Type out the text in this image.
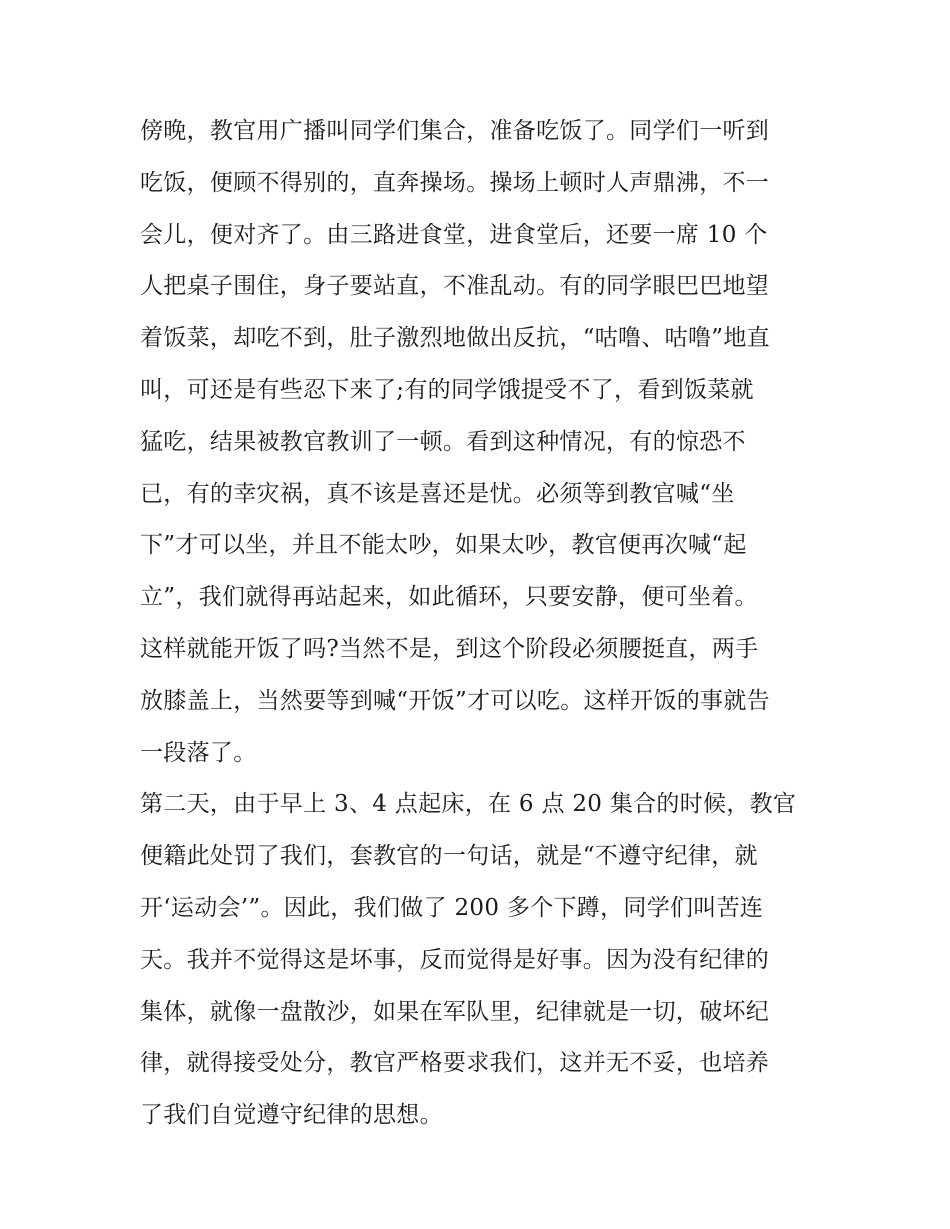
傍晚，教官用广播叫同学们集合，准备吃饭了。同学们一听到
吃饭，便顾不得别的，直奔操场。操场上顿时人声鼎沸，不一
会儿，便对齐了。由三路进食堂，进食堂后，还要一席 10 个
人把桌子围住，身子要站直，不准乱动。有的同学眼巴巴地望
着饭菜，却吃不到，肚子激烈地做出反抗，“咕噜、咕噜”地直
叫，可还是有些忍下来了;有的同学饿提受不了，看到饭菜就
猛吃，结果被教官教训了一顿。看到这种情况，有的惊恐不
已，有的幸灾祸，真不该是喜还是忧。必须等到教官喊“坐
下”才可以坐，并且不能太吵，如果太吵，教官便再次喊“起
立”，我们就得再站起来，如此循环，只要安静，便可坐着。
这样就能开饭了吗?当然不是，到这个阶段必须腰挺直，两手
放膝盖上，当然要等到喊“开饭”才可以吃。这样开饭的事就告
一段落了。
第二天，由于早上 3、4 点起床，在 6 点 20 集合的时候，教官
便籍此处罚了我们，套教官的一句话，就是“不遵守纪律，就
开‘运动会’”。因此，我们做了 200 多个下蹲，同学们叫苦连
天。我并不觉得这是坏事，反而觉得是好事。因为没有纪律的
集体，就像一盘散沙，如果在军队里，纪律就是一切，破坏纪
律，就得接受处分，教官严格要求我们，这并无不妥，也培养
了我们自觉遵守纪律的思想。
